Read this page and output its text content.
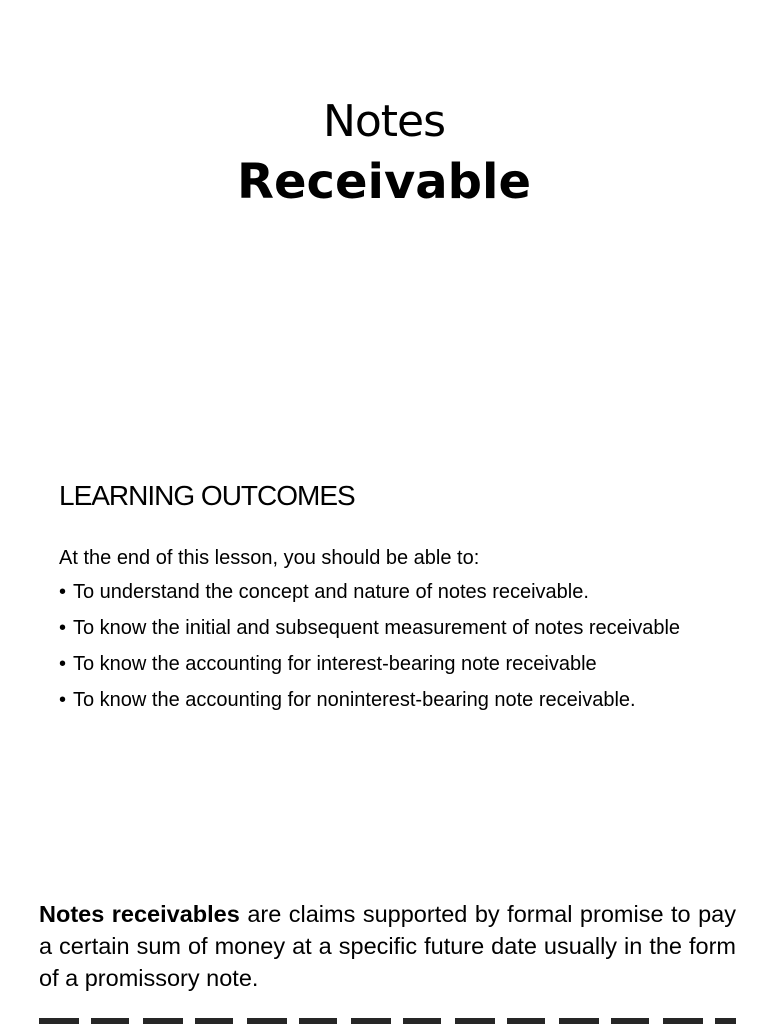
Notes
Receivable
LEARNING OUTCOMES

At the end of this lesson, you should be able to:

• To understand the concept and nature of notes receivable.
• To know the initial and subsequent measurement of notes receivable
• To know the accounting for interest-bearing note receivable
• To know the accounting for noninterest-bearing note receivable.

Notes receivables are claims supported by formal promise to pay a certain sum of money at a specific future date usually in the form of a promissory note.
